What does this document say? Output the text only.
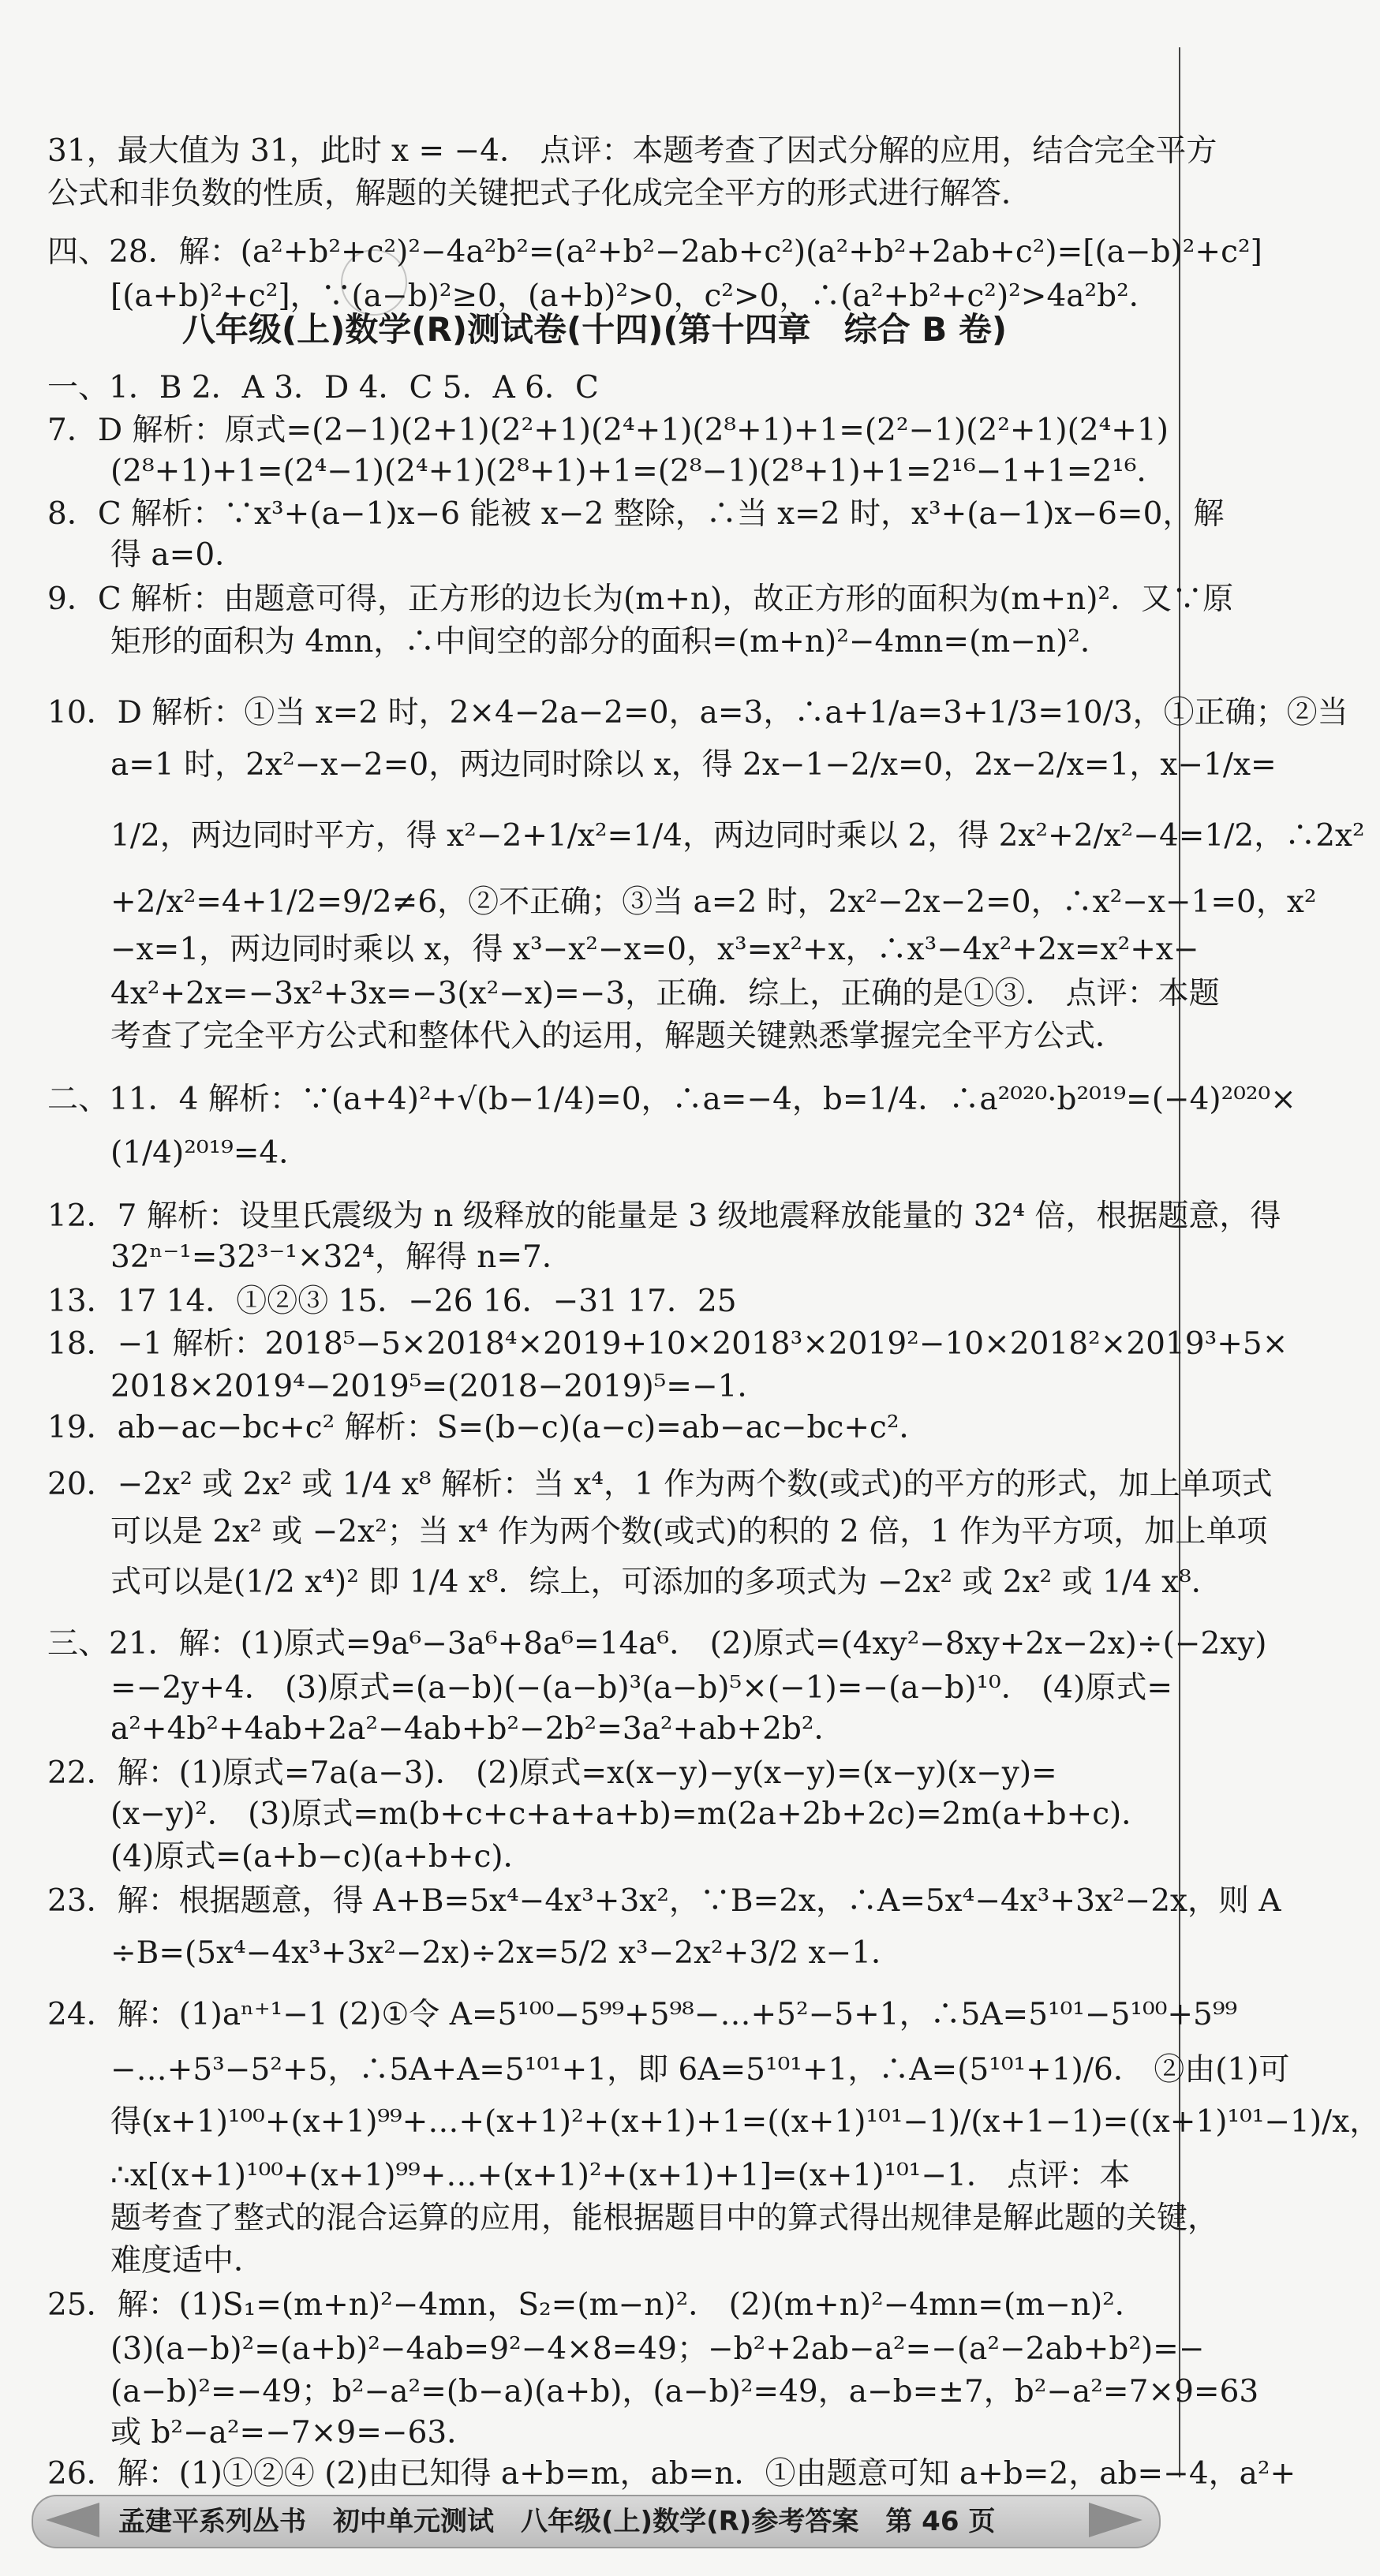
31，最大值为 31，此时 x = −4． 点评：本题考查了因式分解的应用，结合完全平方
公式和非负数的性质，解题的关键把式子化成完全平方的形式进行解答．
四、28．解：(a²+b²+c²)²−4a²b²=(a²+b²−2ab+c²)(a²+b²+2ab+c²)=[(a−b)²+c²]
[(a+b)²+c²]，∵(a−b)²≥0，(a+b)²>0，c²>0，∴(a²+b²+c²)²>4a²b²．
八年级(上)数学(R)测试卷(十四)(第十四章　综合 B 卷)
一、1．B 2．A 3．D 4．C 5．A 6．C
7．D 解析：原式=(2−1)(2+1)(2²+1)(2⁴+1)(2⁸+1)+1=(2²−1)(2²+1)(2⁴+1)
(2⁸+1)+1=(2⁴−1)(2⁴+1)(2⁸+1)+1=(2⁸−1)(2⁸+1)+1=2¹⁶−1+1=2¹⁶．
8．C 解析：∵x³+(a−1)x−6 能被 x−2 整除，∴当 x=2 时，x³+(a−1)x−6=0，解
得 a=0．
9．C 解析：由题意可得，正方形的边长为(m+n)，故正方形的面积为(m+n)²．又∵原
矩形的面积为 4mn，∴中间空的部分的面积=(m+n)²−4mn=(m−n)²．
10．D 解析：①当 x=2 时，2×4−2a−2=0，a=3，∴a+1/a=3+1/3=10/3，①正确；②当
a=1 时，2x²−x−2=0，两边同时除以 x，得 2x−1−2/x=0，2x−2/x=1，x−1/x=
1/2，两边同时平方，得 x²−2+1/x²=1/4，两边同时乘以 2，得 2x²+2/x²−4=1/2，∴2x²
+2/x²=4+1/2=9/2≠6，②不正确；③当 a=2 时，2x²−2x−2=0，∴x²−x−1=0，x²
−x=1，两边同时乘以 x，得 x³−x²−x=0，x³=x²+x，∴x³−4x²+2x=x²+x−
4x²+2x=−3x²+3x=−3(x²−x)=−3，正确．综上，正确的是①③． 点评：本题
考查了完全平方公式和整体代入的运用，解题关键熟悉掌握完全平方公式．
二、11．4 解析：∵(a+4)²+√(b−1/4)=0，∴a=−4，b=1/4．∴a²⁰²⁰·b²⁰¹⁹=(−4)²⁰²⁰×
(1/4)²⁰¹⁹=4．
12．7 解析：设里氏震级为 n 级释放的能量是 3 级地震释放能量的 32⁴ 倍，根据题意，得
32ⁿ⁻¹=32³⁻¹×32⁴，解得 n=7．
13．17 14．①②③ 15．−26 16．−31 17．25
18．−1 解析：2018⁵−5×2018⁴×2019+10×2018³×2019²−10×2018²×2019³+5×
2018×2019⁴−2019⁵=(2018−2019)⁵=−1．
19．ab−ac−bc+c² 解析：S=(b−c)(a−c)=ab−ac−bc+c²．
20．−2x² 或 2x² 或 1/4 x⁸ 解析：当 x⁴，1 作为两个数(或式)的平方的形式，加上单项式
可以是 2x² 或 −2x²；当 x⁴ 作为两个数(或式)的积的 2 倍，1 作为平方项，加上单项
式可以是(1/2 x⁴)² 即 1/4 x⁸．综上，可添加的多项式为 −2x² 或 2x² 或 1/4 x⁸．
三、21．解：(1)原式=9a⁶−3a⁶+8a⁶=14a⁶． (2)原式=(4xy²−8xy+2x−2x)÷(−2xy)
=−2y+4． (3)原式=(a−b)(−(a−b)³(a−b)⁵×(−1)=−(a−b)¹⁰． (4)原式=
a²+4b²+4ab+2a²−4ab+b²−2b²=3a²+ab+2b²．
22．解：(1)原式=7a(a−3)． (2)原式=x(x−y)−y(x−y)=(x−y)(x−y)=
(x−y)²． (3)原式=m(b+c+c+a+a+b)=m(2a+2b+2c)=2m(a+b+c)．
(4)原式=(a+b−c)(a+b+c)．
23．解：根据题意，得 A+B=5x⁴−4x³+3x²，∵B=2x，∴A=5x⁴−4x³+3x²−2x，则 A
÷B=(5x⁴−4x³+3x²−2x)÷2x=5/2 x³−2x²+3/2 x−1．
24．解：(1)aⁿ⁺¹−1 (2)①令 A=5¹⁰⁰−5⁹⁹+5⁹⁸−…+5²−5+1，∴5A=5¹⁰¹−5¹⁰⁰+5⁹⁹
−…+5³−5²+5，∴5A+A=5¹⁰¹+1，即 6A=5¹⁰¹+1，∴A=(5¹⁰¹+1)/6． ②由(1)可
得(x+1)¹⁰⁰+(x+1)⁹⁹+…+(x+1)²+(x+1)+1=((x+1)¹⁰¹−1)/(x+1−1)=((x+1)¹⁰¹−1)/x，
∴x[(x+1)¹⁰⁰+(x+1)⁹⁹+…+(x+1)²+(x+1)+1]=(x+1)¹⁰¹−1． 点评：本
题考查了整式的混合运算的应用，能根据题目中的算式得出规律是解此题的关键，
难度适中．
25．解：(1)S₁=(m+n)²−4mn，S₂=(m−n)²． (2)(m+n)²−4mn=(m−n)²．
(3)(a−b)²=(a+b)²−4ab=9²−4×8=49；−b²+2ab−a²=−(a²−2ab+b²)=−
(a−b)²=−49；b²−a²=(b−a)(a+b)，(a−b)²=49，a−b=±7，b²−a²=7×9=63
或 b²−a²=−7×9=−63．
26．解：(1)①②④ (2)由已知得 a+b=m，ab=n．①由题意可知 a+b=2，ab=−4，a²+
孟建平系列丛书　初中单元测试　八年级(上)数学(R)参考答案　第 46 页
